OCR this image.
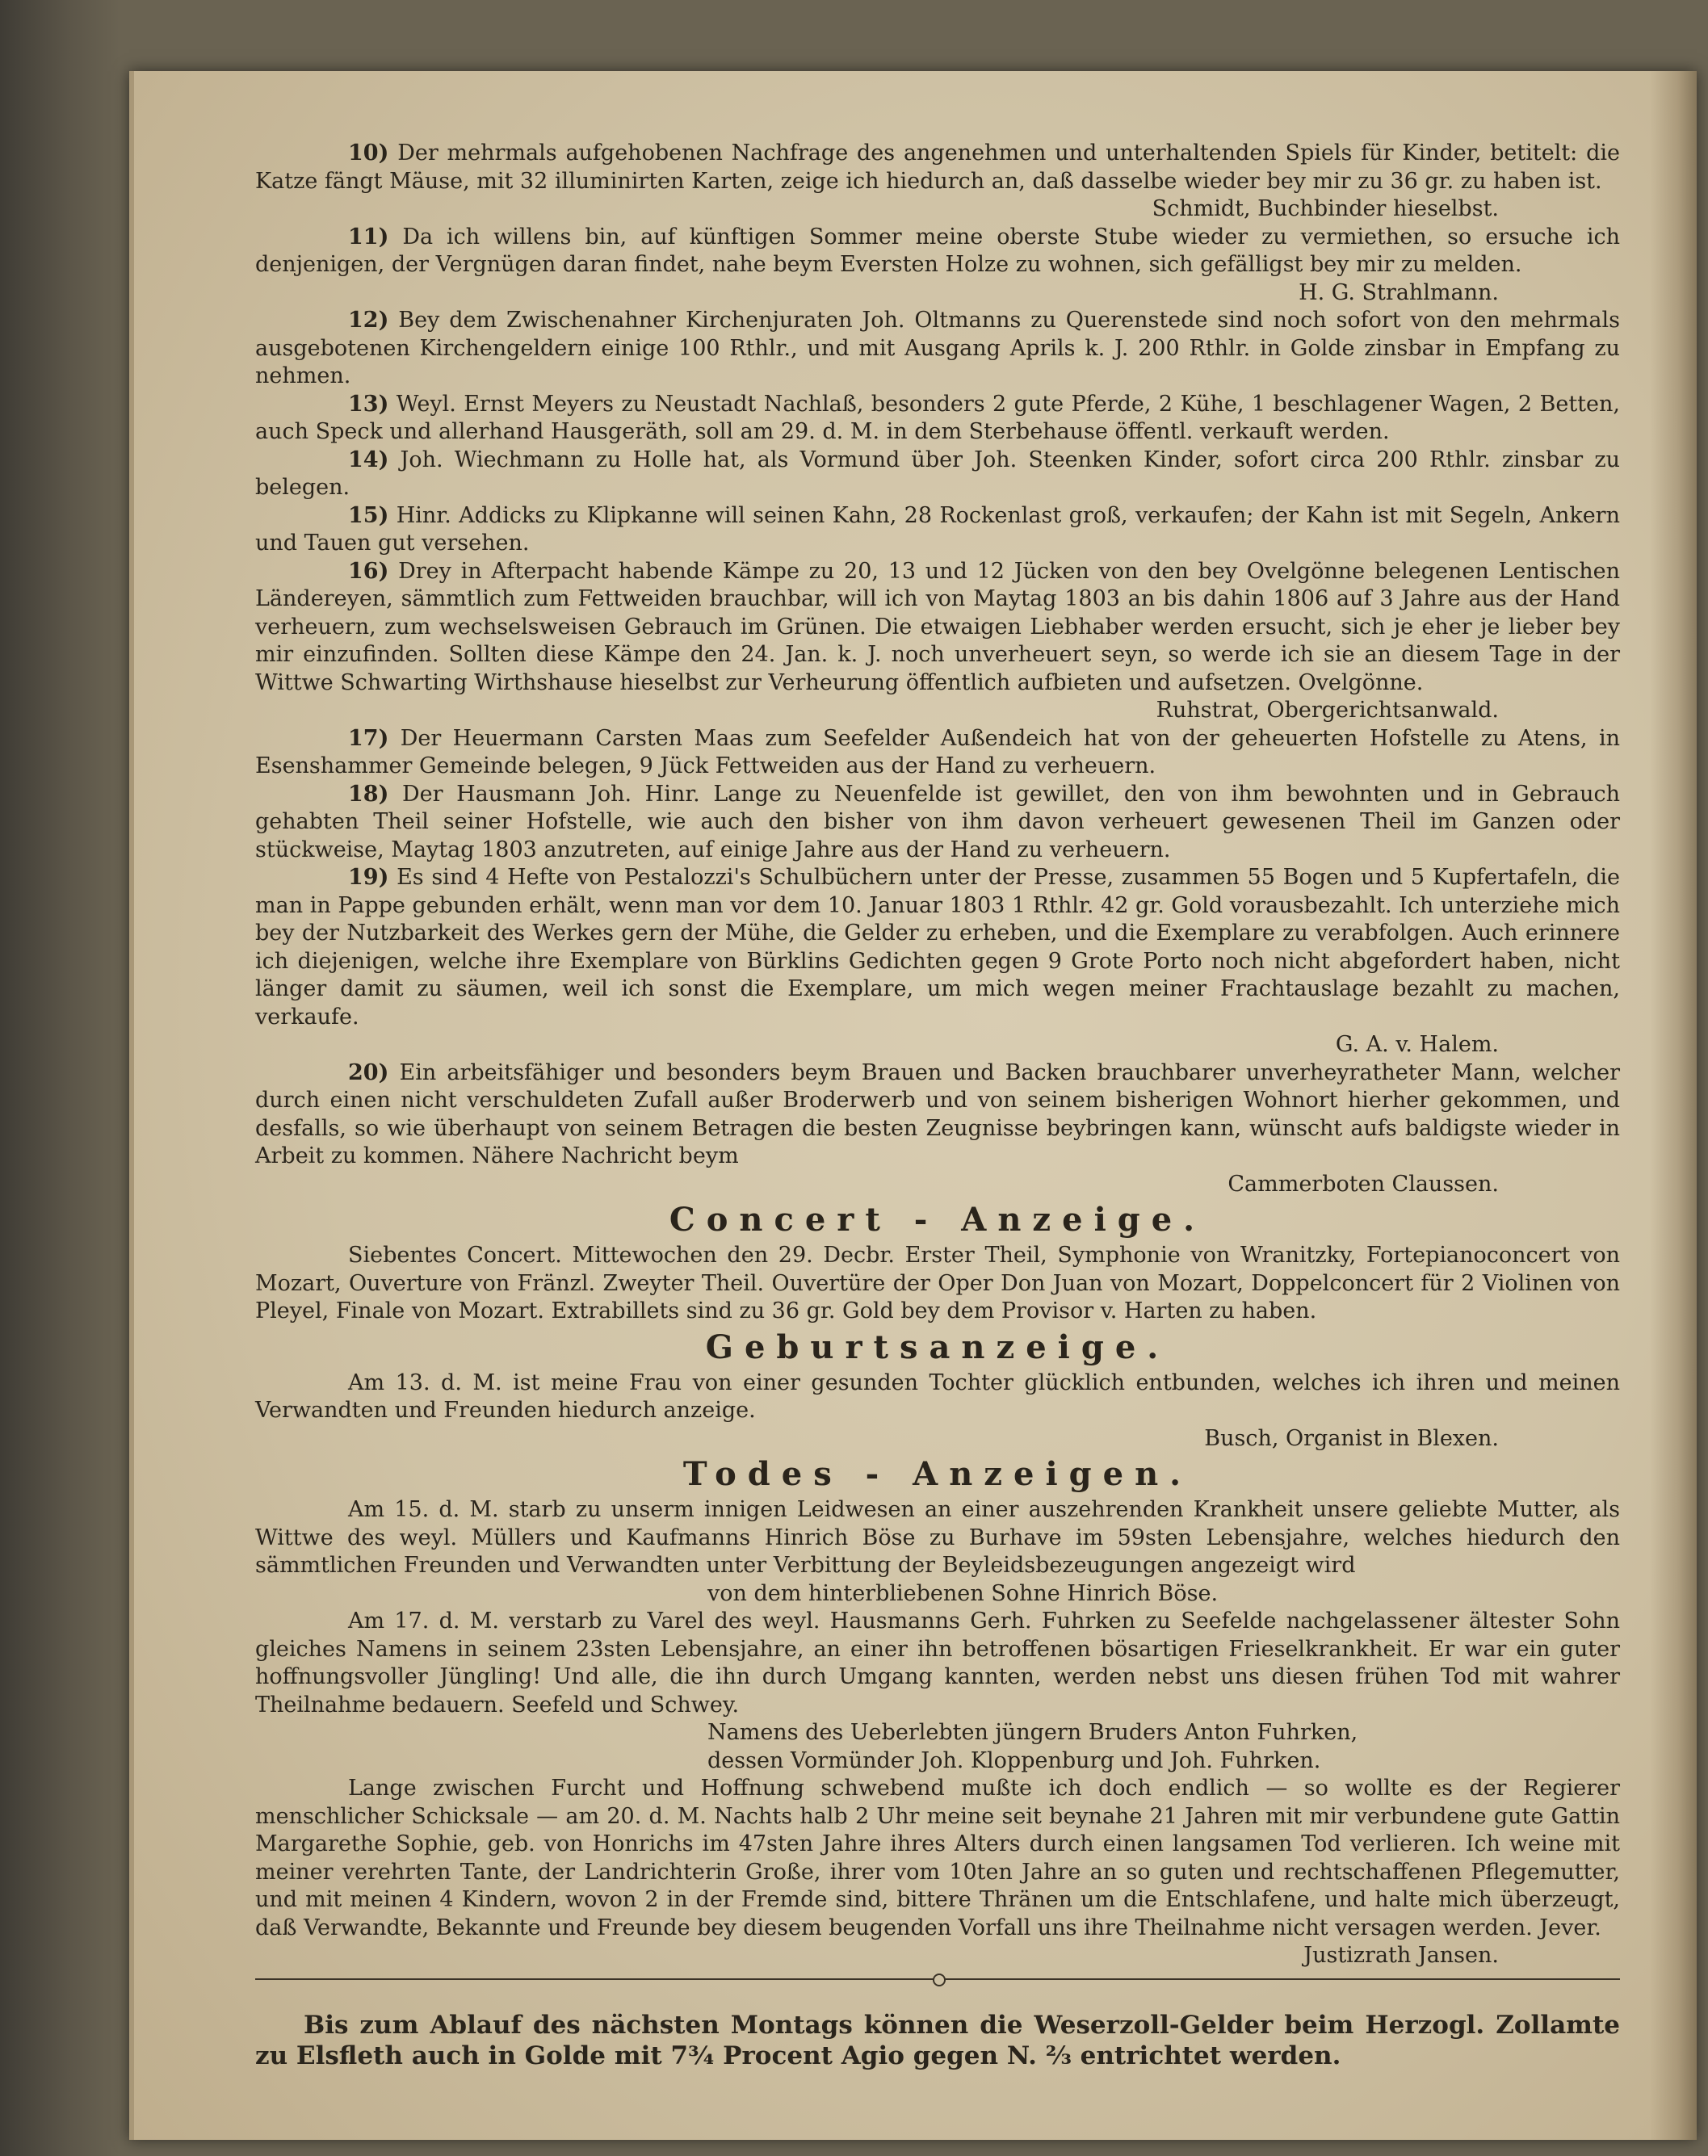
10) Der mehrmals aufgehobenen Nachfrage des angenehmen und unterhaltenden Spiels für Kinder, betitelt: die Katze fängt Mäuse, mit 32 illuminirten Karten, zeige ich hiedurch an, daß dasselbe wieder bey mir zu 36 gr. zu haben ist.
Schmidt, Buchbinder hieselbst.

11) Da ich willens bin, auf künftigen Sommer meine oberste Stube wieder zu vermiethen, so ersuche ich denjenigen, der Vergnügen daran findet, nahe beym Eversten Holze zu wohnen, sich gefälligst bey mir zu melden.
H. G. Strahlmann.

12) Bey dem Zwischenahner Kirchenjuraten Joh. Oltmanns zu Querenstede sind noch sofort von den mehrmals ausgebotenen Kirchengeldern einige 100 Rthlr., und mit Ausgang Aprils k. J. 200 Rthlr. in Golde zinsbar in Empfang zu nehmen.

13) Weyl. Ernst Meyers zu Neustadt Nachlaß, besonders 2 gute Pferde, 2 Kühe, 1 beschlagener Wagen, 2 Betten, auch Speck und allerhand Hausgeräth, soll am 29. d. M. in dem Sterbehause öffentl. verkauft werden.

14) Joh. Wiechmann zu Holle hat, als Vormund über Joh. Steenken Kinder, sofort circa 200 Rthlr. zinsbar zu belegen.

15) Hinr. Addicks zu Klipkanne will seinen Kahn, 28 Rockenlast groß, verkaufen; der Kahn ist mit Segeln, Ankern und Tauen gut versehen.

16) Drey in Afterpacht habende Kämpe zu 20, 13 und 12 Jücken von den bey Ovelgönne belegenen Lentischen Ländereyen, sämmtlich zum Fettweiden brauchbar, will ich von Maytag 1803 an bis dahin 1806 auf 3 Jahre aus der Hand verheuern, zum wechselsweisen Gebrauch im Grünen. Die etwaigen Liebhaber werden ersucht, sich je eher je lieber bey mir einzufinden. Sollten diese Kämpe den 24. Jan. k. J. noch unverheuert seyn, so werde ich sie an diesem Tage in der Wittwe Schwarting Wirthshause hieselbst zur Verheurung öffentlich aufbieten und aufsetzen. Ovelgönne.
Ruhstrat, Obergerichtsanwald.

17) Der Heuermann Carsten Maas zum Seefelder Außendeich hat von der geheuerten Hofstelle zu Atens, in Esenshammer Gemeinde belegen, 9 Jück Fettweiden aus der Hand zu verheuern.

18) Der Hausmann Joh. Hinr. Lange zu Neuenfelde ist gewillet, den von ihm bewohnten und in Gebrauch gehabten Theil seiner Hofstelle, wie auch den bisher von ihm davon verheuert gewesenen Theil im Ganzen oder stückweise, Maytag 1803 anzutreten, auf einige Jahre aus der Hand zu verheuern.

19) Es sind 4 Hefte von Pestalozzi's Schulbüchern unter der Presse, zusammen 55 Bogen und 5 Kupfertafeln, die man in Pappe gebunden erhält, wenn man vor dem 10. Januar 1803 1 Rthlr. 42 gr. Gold vorausbezahlt. Ich unterziehe mich bey der Nutzbarkeit des Werkes gern der Mühe, die Gelder zu erheben, und die Exemplare zu verabfolgen. Auch erinnere ich diejenigen, welche ihre Exemplare von Bürklins Gedichten gegen 9 Grote Porto noch nicht abgefordert haben, nicht länger damit zu säumen, weil ich sonst die Exemplare, um mich wegen meiner Frachtauslage bezahlt zu machen, verkaufe.
G. A. v. Halem.

20) Ein arbeitsfähiger und besonders beym Brauen und Backen brauchbarer unverheyratheter Mann, welcher durch einen nicht verschuldeten Zufall außer Broderwerb und von seinem bisherigen Wohnort hierher gekommen, und desfalls, so wie überhaupt von seinem Betragen die besten Zeugnisse beybringen kann, wünscht aufs baldigste wieder in Arbeit zu kommen. Nähere Nachricht beym
Cammerboten Claussen.

Concert - Anzeige.

Siebentes Concert. Mittewochen den 29. Decbr. Erster Theil, Symphonie von Wranitzky, Fortepianoconcert von Mozart, Ouverture von Fränzl. Zweyter Theil. Ouvertüre der Oper Don Juan von Mozart, Doppelconcert für 2 Violinen von Pleyel, Finale von Mozart. Extrabillets sind zu 36 gr. Gold bey dem Provisor v. Harten zu haben.

Geburtsanzeige.

Am 13. d. M. ist meine Frau von einer gesunden Tochter glücklich entbunden, welches ich ihren und meinen Verwandten und Freunden hiedurch anzeige.
Busch, Organist in Blexen.

Todes - Anzeigen.

Am 15. d. M. starb zu unserm innigen Leidwesen an einer auszehrenden Krankheit unsere geliebte Mutter, als Wittwe des weyl. Müllers und Kaufmanns Hinrich Böse zu Burhave im 59sten Lebensjahre, welches hiedurch den sämmtlichen Freunden und Verwandten unter Verbittung der Beyleidsbezeugungen angezeigt wird
von dem hinterbliebenen Sohne Hinrich Böse.

Am 17. d. M. verstarb zu Varel des weyl. Hausmanns Gerh. Fuhrken zu Seefelde nachgelassener ältester Sohn gleiches Namens in seinem 23sten Lebensjahre, an einer ihn betroffenen bösartigen Frieselkrankheit. Er war ein guter hoffnungsvoller Jüngling! Und alle, die ihn durch Umgang kannten, werden nebst uns diesen frühen Tod mit wahrer Theilnahme bedauern. Seefeld und Schwey.
Namens des Ueberlebten jüngern Bruders Anton Fuhrken,
dessen Vormünder Joh. Kloppenburg und Joh. Fuhrken.

Lange zwischen Furcht und Hoffnung schwebend mußte ich doch endlich — so wollte es der Regierer menschlicher Schicksale — am 20. d. M. Nachts halb 2 Uhr meine seit beynahe 21 Jahren mit mir verbundene gute Gattin Margarethe Sophie, geb. von Honrichs im 47sten Jahre ihres Alters durch einen langsamen Tod verlieren. Ich weine mit meiner verehrten Tante, der Landrichterin Große, ihrer vom 10ten Jahre an so guten und rechtschaffenen Pflegemutter, und mit meinen 4 Kindern, wovon 2 in der Fremde sind, bittere Thränen um die Entschlafene, und halte mich überzeugt, daß Verwandte, Bekannte und Freunde bey diesem beugenden Vorfall uns ihre Theilnahme nicht versagen werden. Jever.
Justizrath Jansen.

Bis zum Ablauf des nächsten Montags können die Weserzoll-Gelder beim Herzogl. Zollamte zu Elsfleth auch in Golde mit 7¾ Procent Agio gegen N. ⅔ entrichtet werden.
